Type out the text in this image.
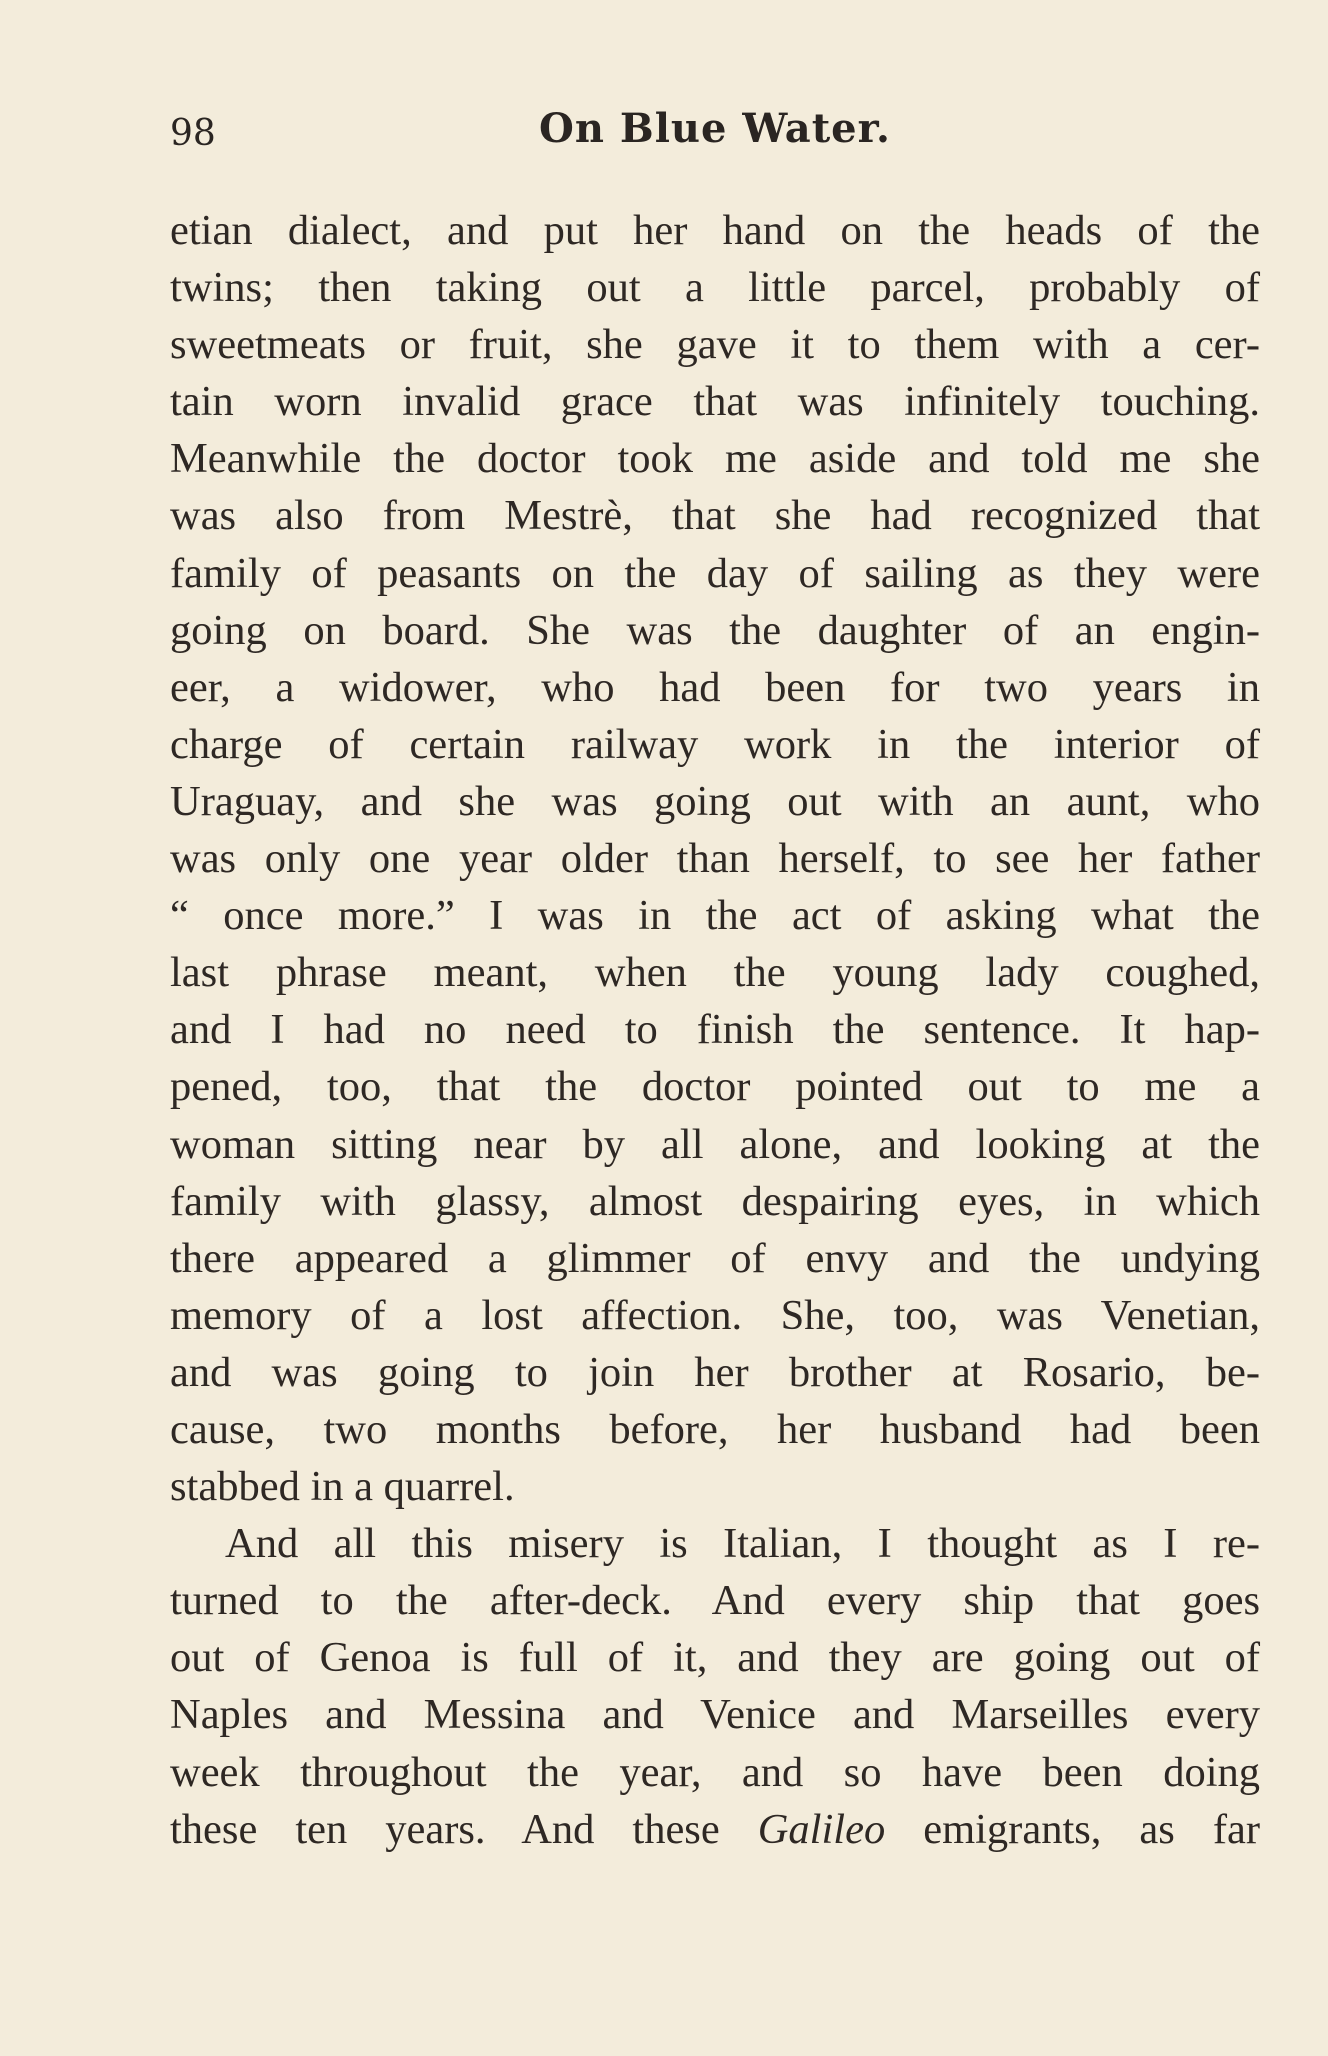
98	On Blue Water.
etian dialect, and put her hand on the heads of the
twins; then taking out a little parcel, probably of
sweetmeats or fruit, she gave it to them with a cer-
tain worn invalid grace that was infinitely touching.
Meanwhile the doctor took me aside and told me she
was also from Mestrè, that she had recognized that
family of peasants on the day of sailing as they were
going on board. She was the daughter of an engin-
eer, a widower, who had been for two years in
charge of certain railway work in the interior of
Uraguay, and she was going out with an aunt, who
was only one year older than herself, to see her father
“ once more.” I was in the act of asking what the
last phrase meant, when the young lady coughed,
and I had no need to finish the sentence. It hap-
pened, too, that the doctor pointed out to me a
woman sitting near by all alone, and looking at the
family with glassy, almost despairing eyes, in which
there appeared a glimmer of envy and the undying
memory of a lost affection. She, too, was Venetian,
and was going to join her brother at Rosario, be-
cause, two months before, her husband had been
stabbed in a quarrel.
And all this misery is Italian, I thought as I re-
turned to the after-deck. And every ship that goes
out of Genoa is full of it, and they are going out of
Naples and Messina and Venice and Marseilles every
week throughout the year, and so have been doing
these ten years. And these Galileo emigrants, as far
